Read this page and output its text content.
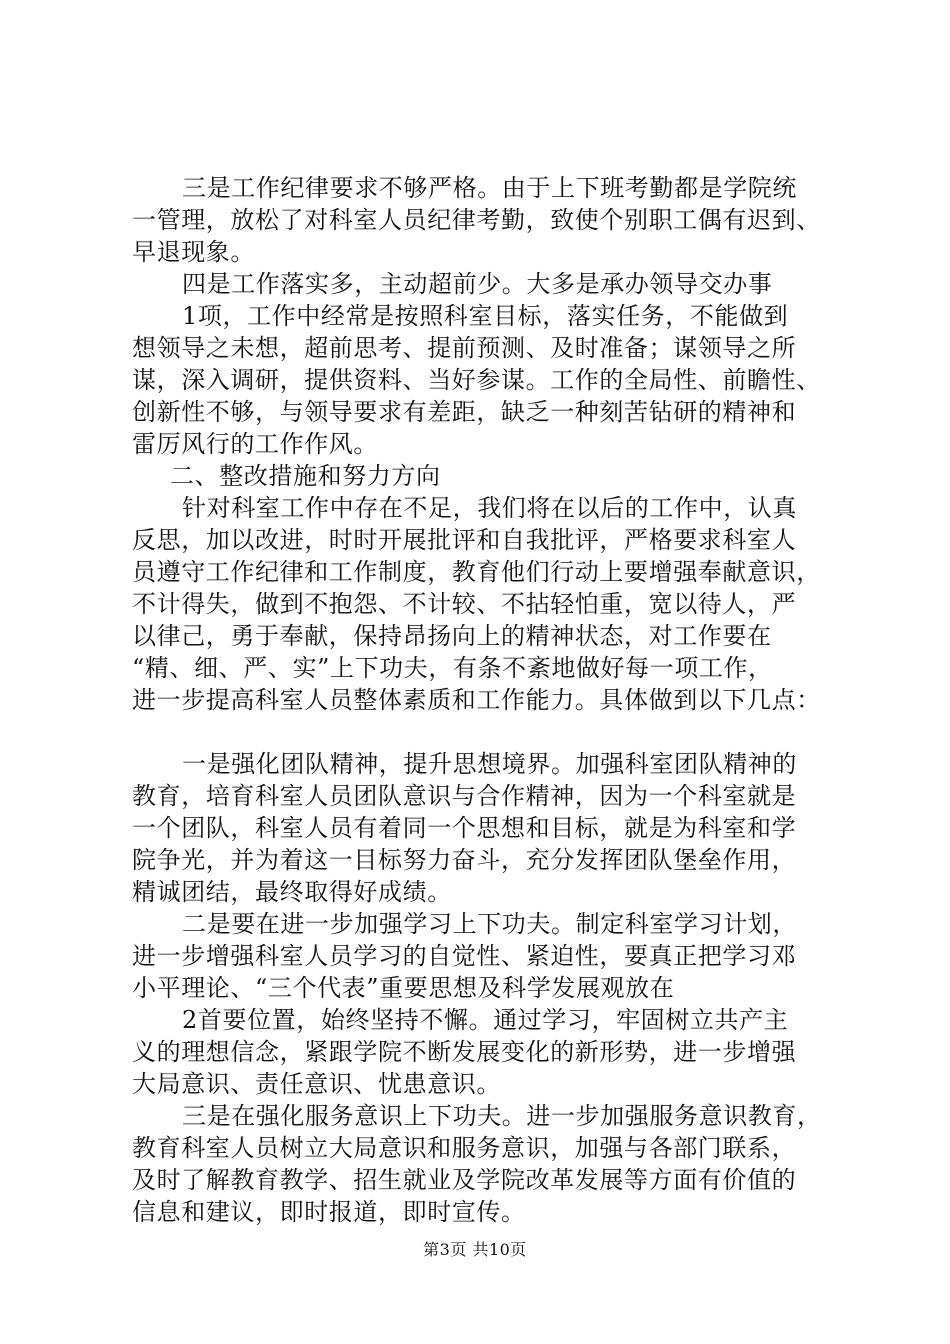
三是工作纪律要求不够严格。由于上下班考勤都是学院统
一管理，放松了对科室人员纪律考勤，致使个别职工偶有迟到、
早退现象。
四是工作落实多，主动超前少。大多是承办领导交办事
1项，工作中经常是按照科室目标，落实任务，不能做到
想领导之未想，超前思考、提前预测、及时准备；谋领导之所
谋，深入调研，提供资料、当好参谋。工作的全局性、前瞻性、
创新性不够，与领导要求有差距，缺乏一种刻苦钻研的精神和
雷厉风行的工作作风。
二、整改措施和努力方向
针对科室工作中存在不足，我们将在以后的工作中，认真
反思，加以改进，时时开展批评和自我批评，严格要求科室人
员遵守工作纪律和工作制度，教育他们行动上要增强奉献意识，
不计得失，做到不抱怨、不计较、不拈轻怕重，宽以待人，严
以律己，勇于奉献，保持昂扬向上的精神状态，对工作要在
“精、细、严、实”上下功夫，有条不紊地做好每一项工作，
进一步提高科室人员整体素质和工作能力。具体做到以下几点：
一是强化团队精神，提升思想境界。加强科室团队精神的
教育，培育科室人员团队意识与合作精神，因为一个科室就是
一个团队，科室人员有着同一个思想和目标，就是为科室和学
院争光，并为着这一目标努力奋斗，充分发挥团队堡垒作用，
精诚团结，最终取得好成绩。
二是要在进一步加强学习上下功夫。制定科室学习计划，
进一步增强科室人员学习的自觉性、紧迫性，要真正把学习邓
小平理论、“三个代表”重要思想及科学发展观放在
2首要位置，始终坚持不懈。通过学习，牢固树立共产主
义的理想信念，紧跟学院不断发展变化的新形势，进一步增强
大局意识、责任意识、忧患意识。
三是在强化服务意识上下功夫。进一步加强服务意识教育，
教育科室人员树立大局意识和服务意识，加强与各部门联系，
及时了解教育教学、招生就业及学院改革发展等方面有价值的
信息和建议，即时报道，即时宣传。
第3页 共10页
